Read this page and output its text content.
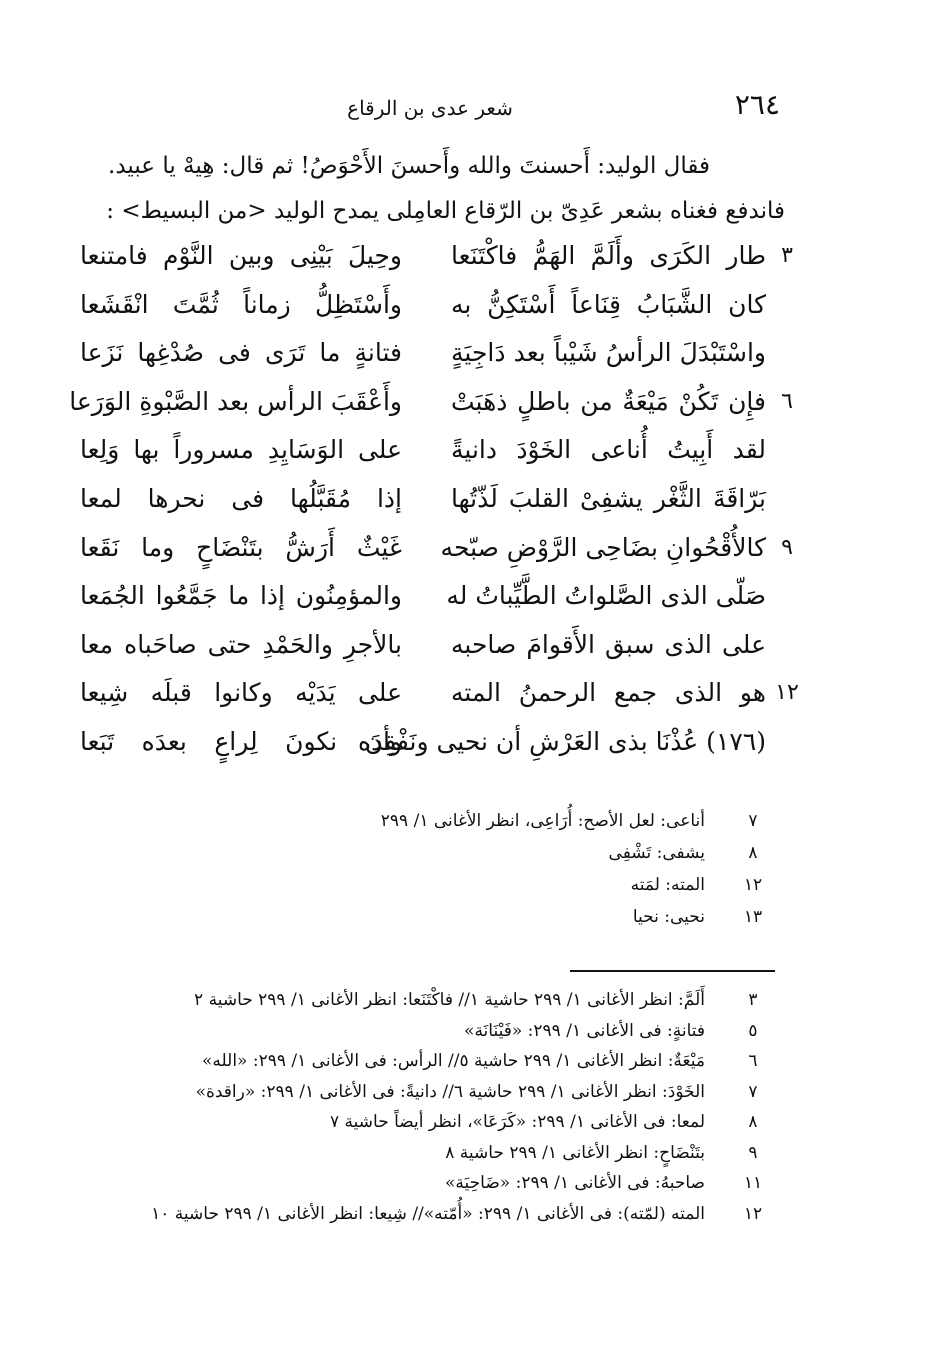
٢٦٤
شعر عدى بن الرقاع

فقال الوليد: أَحسنتَ والله وأَحسنَ الأَحْوَصُ! ثم قال: هِيهْ يا عبيد.

فاندفع فغناه بشعر عَدِىّ بن الرّقاع العامِلى يمدح الوليد <من البسيط> :

٣
طار الكَرَى وأَلَمَّ الهَمُّ فاكْتَنَعا
وحِيلَ بَيْنِى وبين النَّوْم فامتنعا
كان الشَّبَابُ قِنَاعاً أَسْتَكِنُّ به
وأَسْتَظِلُّ زماناً ثُمَّتَ انْقَشَعا
واسْتَبْدَلَ الرأسُ شَيْباً بعد دَاجِيَةٍ
فتانةٍ ما تَرَى فى صُدْغِها نَزَعا
٦
فإِن تَكُنْ مَيْعَةٌ من باطلٍ ذهَبَتْ
وأَعْقَبَ الرأس بعد الصَّبْوةِ الوَرَعا
لقد أَبِيتُ أُناعى الخَوْدَ دانيةً
على الوَسَايِدِ مسروراً بها وَلِعا
بَرّاقَةَ الثَّغْر يشفِىْ القلبَ لَذّتُها
إذا مُقَبَّلُها فى نحرها لمعا
٩
كالأُقْحُوانِ بضَاحِى الرَّوْضِ صبّحه
غَيْثٌ أَرَشُّ بتَنْضَاحٍ وما نَقَعا
صَلّى الذى الصَّلواتُ الطَّيِّباتُ له
والمؤمِنُون إذا ما جَمَّعُوا الجُمَعا
على الذى سبق الأَقوامَ صاحبه
بالأجرِ والحَمْدِ حتى صاحَباه معا
١٢
هو الذى جمع الرحمنُ المته
على يَدَيْه وكانوا قبلَه شِيعا
(١٧٦) عُذْنَا بذى العَرْشِ أن نحيى ونَفْقِدَه
وأن نكونَ لِراعٍ بعدَه تَبَعا
٧
أناعى: لعل الأصح: أُرَاعِى، انظر الأغانى ١/ ٢٩٩
٨
يشفى: تَشْفِى
١٢
المته: لمَته
١٣
نحيى: نحيا
٣
أَلَمَّ: انظر الأغانى ١/ ٢٩٩ حاشية ١// فاكْتَنَعا: انظر الأغانى ١/ ٢٩٩ حاشية ٢
٥
فتانةٍ: فى الأغانى ١/ ٢٩٩: «فَيْنَانَة»
٦
مَيْعَةٌ: انظر الأغانى ١/ ٢٩٩ حاشية ٥// الرأس: فى الأغانى ١/ ٢٩٩: «الله»
٧
الخَوْدَ: انظر الأغانى ١/ ٢٩٩ حاشية ٦// دانيةً: فى الأغانى ١/ ٢٩٩: «راقدة»
٨
لمعا: فى الأغانى ١/ ٢٩٩: «كَرَعَا»، انظر أيضاً حاشية ٧
٩
بتَنْضَاحٍ: انظر الأغانى ١/ ٢٩٩ حاشية ٨
١١
صاحبهُ: فى الأغانى ١/ ٢٩٩: «ضَاحِيَة»
١٢
المته (لمّته): فى الأغانى ١/ ٢٩٩: «أُمّته»// شِيعا: انظر الأغانى ١/ ٢٩٩ حاشية ١٠
